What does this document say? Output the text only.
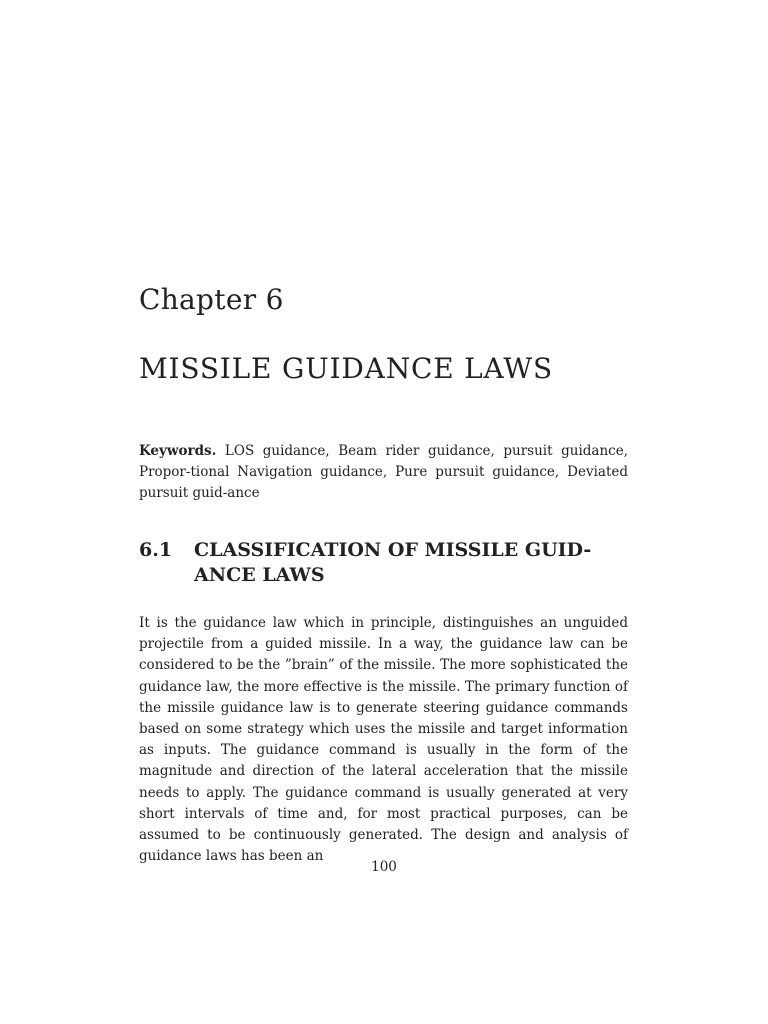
Chapter 6
MISSILE GUIDANCE LAWS
Keywords. LOS guidance, Beam rider guidance, pursuit guidance, Propor-tional Navigation guidance, Pure pursuit guidance, Deviated pursuit guid-ance
6.1	CLASSIFICATION OF MISSILE GUID-ANCE LAWS
It is the guidance law which in principle, distinguishes an unguided projectile from a guided missile. In a way, the guidance law can be considered to be the ”brain” of the missile. The more sophisticated the guidance law, the more effective is the missile. The primary function of the missile guidance law is to generate steering guidance commands based on some strategy which uses the missile and target information as inputs. The guidance command is usually in the form of the magnitude and direction of the lateral acceleration that the missile needs to apply. The guidance command is usually generated at very short intervals of time and, for most practical purposes, can be assumed to be continuously generated. The design and analysis of guidance laws has been an
100
